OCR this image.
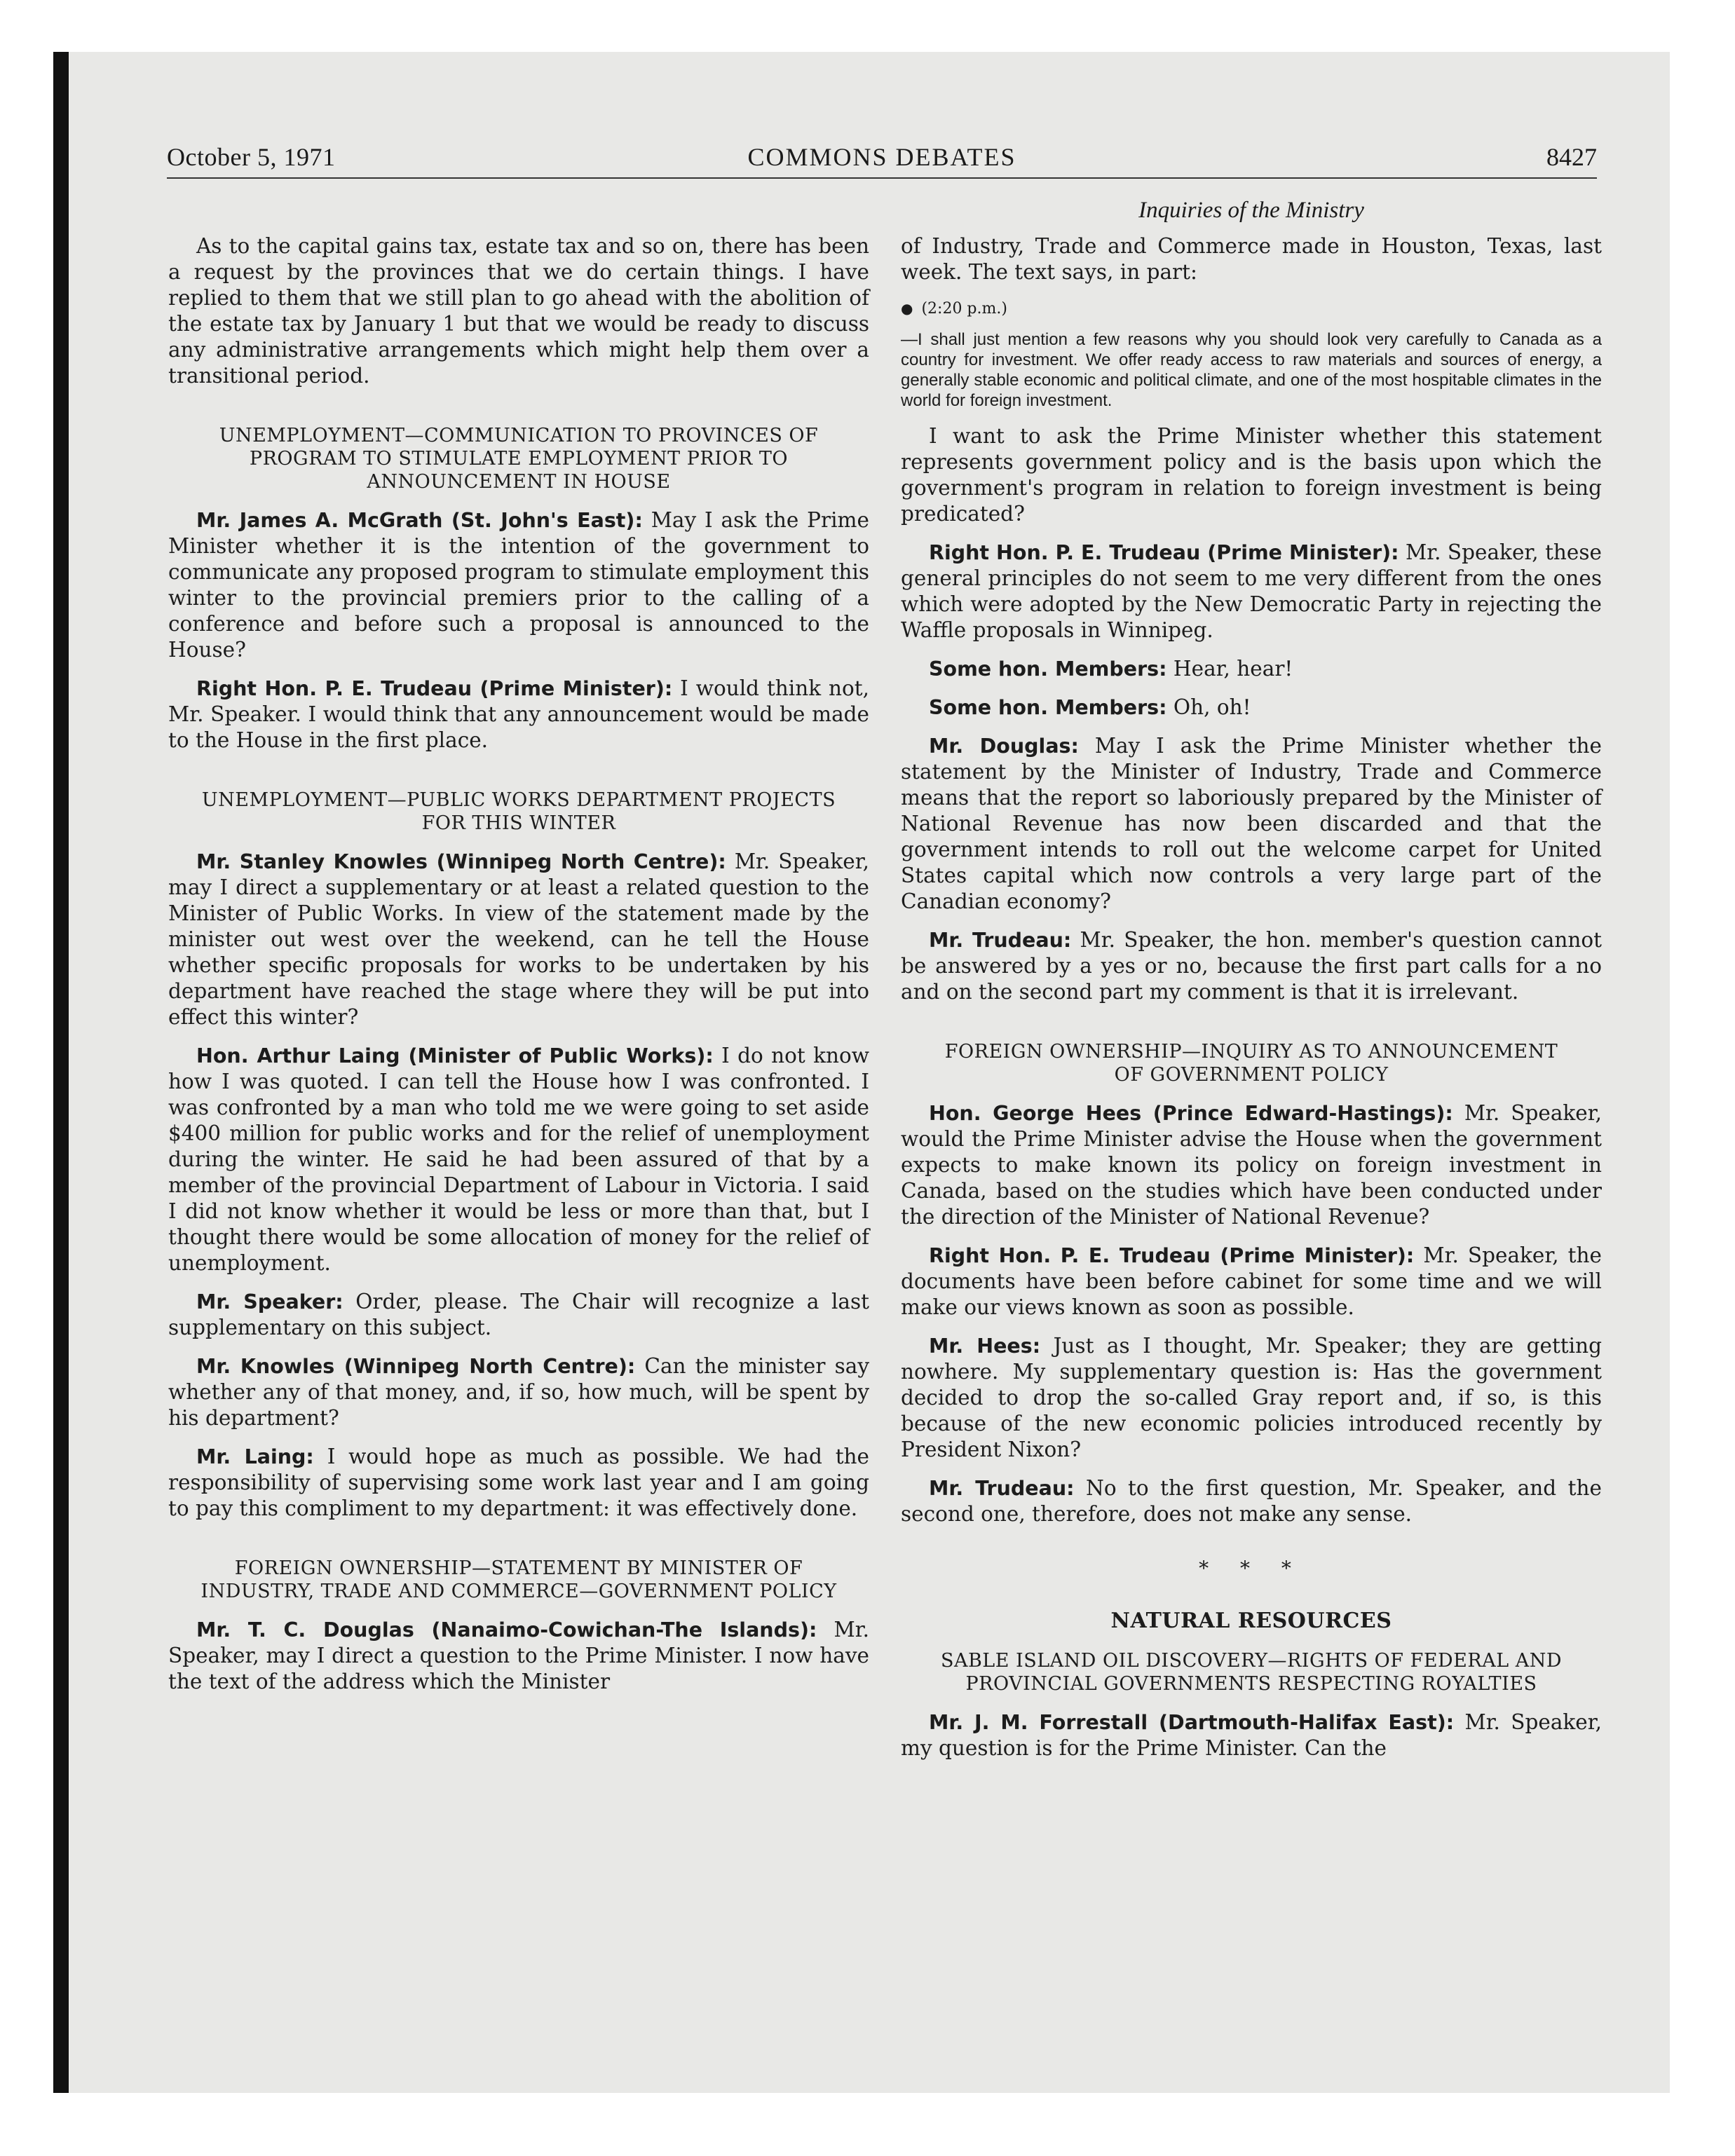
October 5, 1971	COMMONS DEBATES	8427
Inquiries of the Ministry

As to the capital gains tax, estate tax and so on, there has been a request by the provinces that we do certain things. I have replied to them that we still plan to go ahead with the abolition of the estate tax by January 1 but that we would be ready to discuss any administrative arrangements which might help them over a transitional period.

UNEMPLOYMENT—COMMUNICATION TO PROVINCES OF PROGRAM TO STIMULATE EMPLOYMENT PRIOR TO ANNOUNCEMENT IN HOUSE

Mr. James A. McGrath (St. John's East): May I ask the Prime Minister whether it is the intention of the government to communicate any proposed program to stimulate employment this winter to the provincial premiers prior to the calling of a conference and before such a proposal is announced to the House?

Right Hon. P. E. Trudeau (Prime Minister): I would think not, Mr. Speaker. I would think that any announcement would be made to the House in the first place.

UNEMPLOYMENT—PUBLIC WORKS DEPARTMENT PROJECTS FOR THIS WINTER

Mr. Stanley Knowles (Winnipeg North Centre): Mr. Speaker, may I direct a supplementary or at least a related question to the Minister of Public Works. In view of the statement made by the minister out west over the weekend, can he tell the House whether specific proposals for works to be undertaken by his department have reached the stage where they will be put into effect this winter?

Hon. Arthur Laing (Minister of Public Works): I do not know how I was quoted. I can tell the House how I was confronted. I was confronted by a man who told me we were going to set aside $400 million for public works and for the relief of unemployment during the winter. He said he had been assured of that by a member of the provincial Department of Labour in Victoria. I said I did not know whether it would be less or more than that, but I thought there would be some allocation of money for the relief of unemployment.

Mr. Speaker: Order, please. The Chair will recognize a last supplementary on this subject.

Mr. Knowles (Winnipeg North Centre): Can the minister say whether any of that money, and, if so, how much, will be spent by his department?

Mr. Laing: I would hope as much as possible. We had the responsibility of supervising some work last year and I am going to pay this compliment to my department: it was effectively done.

FOREIGN OWNERSHIP—STATEMENT BY MINISTER OF INDUSTRY, TRADE AND COMMERCE—GOVERNMENT POLICY

Mr. T. C. Douglas (Nanaimo-Cowichan-The Islands): Mr. Speaker, may I direct a question to the Prime Minister. I now have the text of the address which the Minister

of Industry, Trade and Commerce made in Houston, Texas, last week. The text says, in part:

● (2:20 p.m.)

—I shall just mention a few reasons why you should look very carefully to Canada as a country for investment. We offer ready access to raw materials and sources of energy, a generally stable economic and political climate, and one of the most hospitable climates in the world for foreign investment.

I want to ask the Prime Minister whether this statement represents government policy and is the basis upon which the government's program in relation to foreign investment is being predicated?

Right Hon. P. E. Trudeau (Prime Minister): Mr. Speaker, these general principles do not seem to me very different from the ones which were adopted by the New Democratic Party in rejecting the Waffle proposals in Winnipeg.

Some hon. Members: Hear, hear!

Some hon. Members: Oh, oh!

Mr. Douglas: May I ask the Prime Minister whether the statement by the Minister of Industry, Trade and Commerce means that the report so laboriously prepared by the Minister of National Revenue has now been discarded and that the government intends to roll out the welcome carpet for United States capital which now controls a very large part of the Canadian economy?

Mr. Trudeau: Mr. Speaker, the hon. member's question cannot be answered by a yes or no, because the first part calls for a no and on the second part my comment is that it is irrelevant.

FOREIGN OWNERSHIP—INQUIRY AS TO ANNOUNCEMENT OF GOVERNMENT POLICY

Hon. George Hees (Prince Edward-Hastings): Mr. Speaker, would the Prime Minister advise the House when the government expects to make known its policy on foreign investment in Canada, based on the studies which have been conducted under the direction of the Minister of National Revenue?

Right Hon. P. E. Trudeau (Prime Minister): Mr. Speaker, the documents have been before cabinet for some time and we will make our views known as soon as possible.

Mr. Hees: Just as I thought, Mr. Speaker; they are getting nowhere. My supplementary question is: Has the government decided to drop the so-called Gray report and, if so, is this because of the new economic policies introduced recently by President Nixon?

Mr. Trudeau: No to the first question, Mr. Speaker, and the second one, therefore, does not make any sense.

* * *
NATURAL RESOURCES
SABLE ISLAND OIL DISCOVERY—RIGHTS OF FEDERAL AND PROVINCIAL GOVERNMENTS RESPECTING ROYALTIES

Mr. J. M. Forrestall (Dartmouth-Halifax East): Mr. Speaker, my question is for the Prime Minister. Can the
